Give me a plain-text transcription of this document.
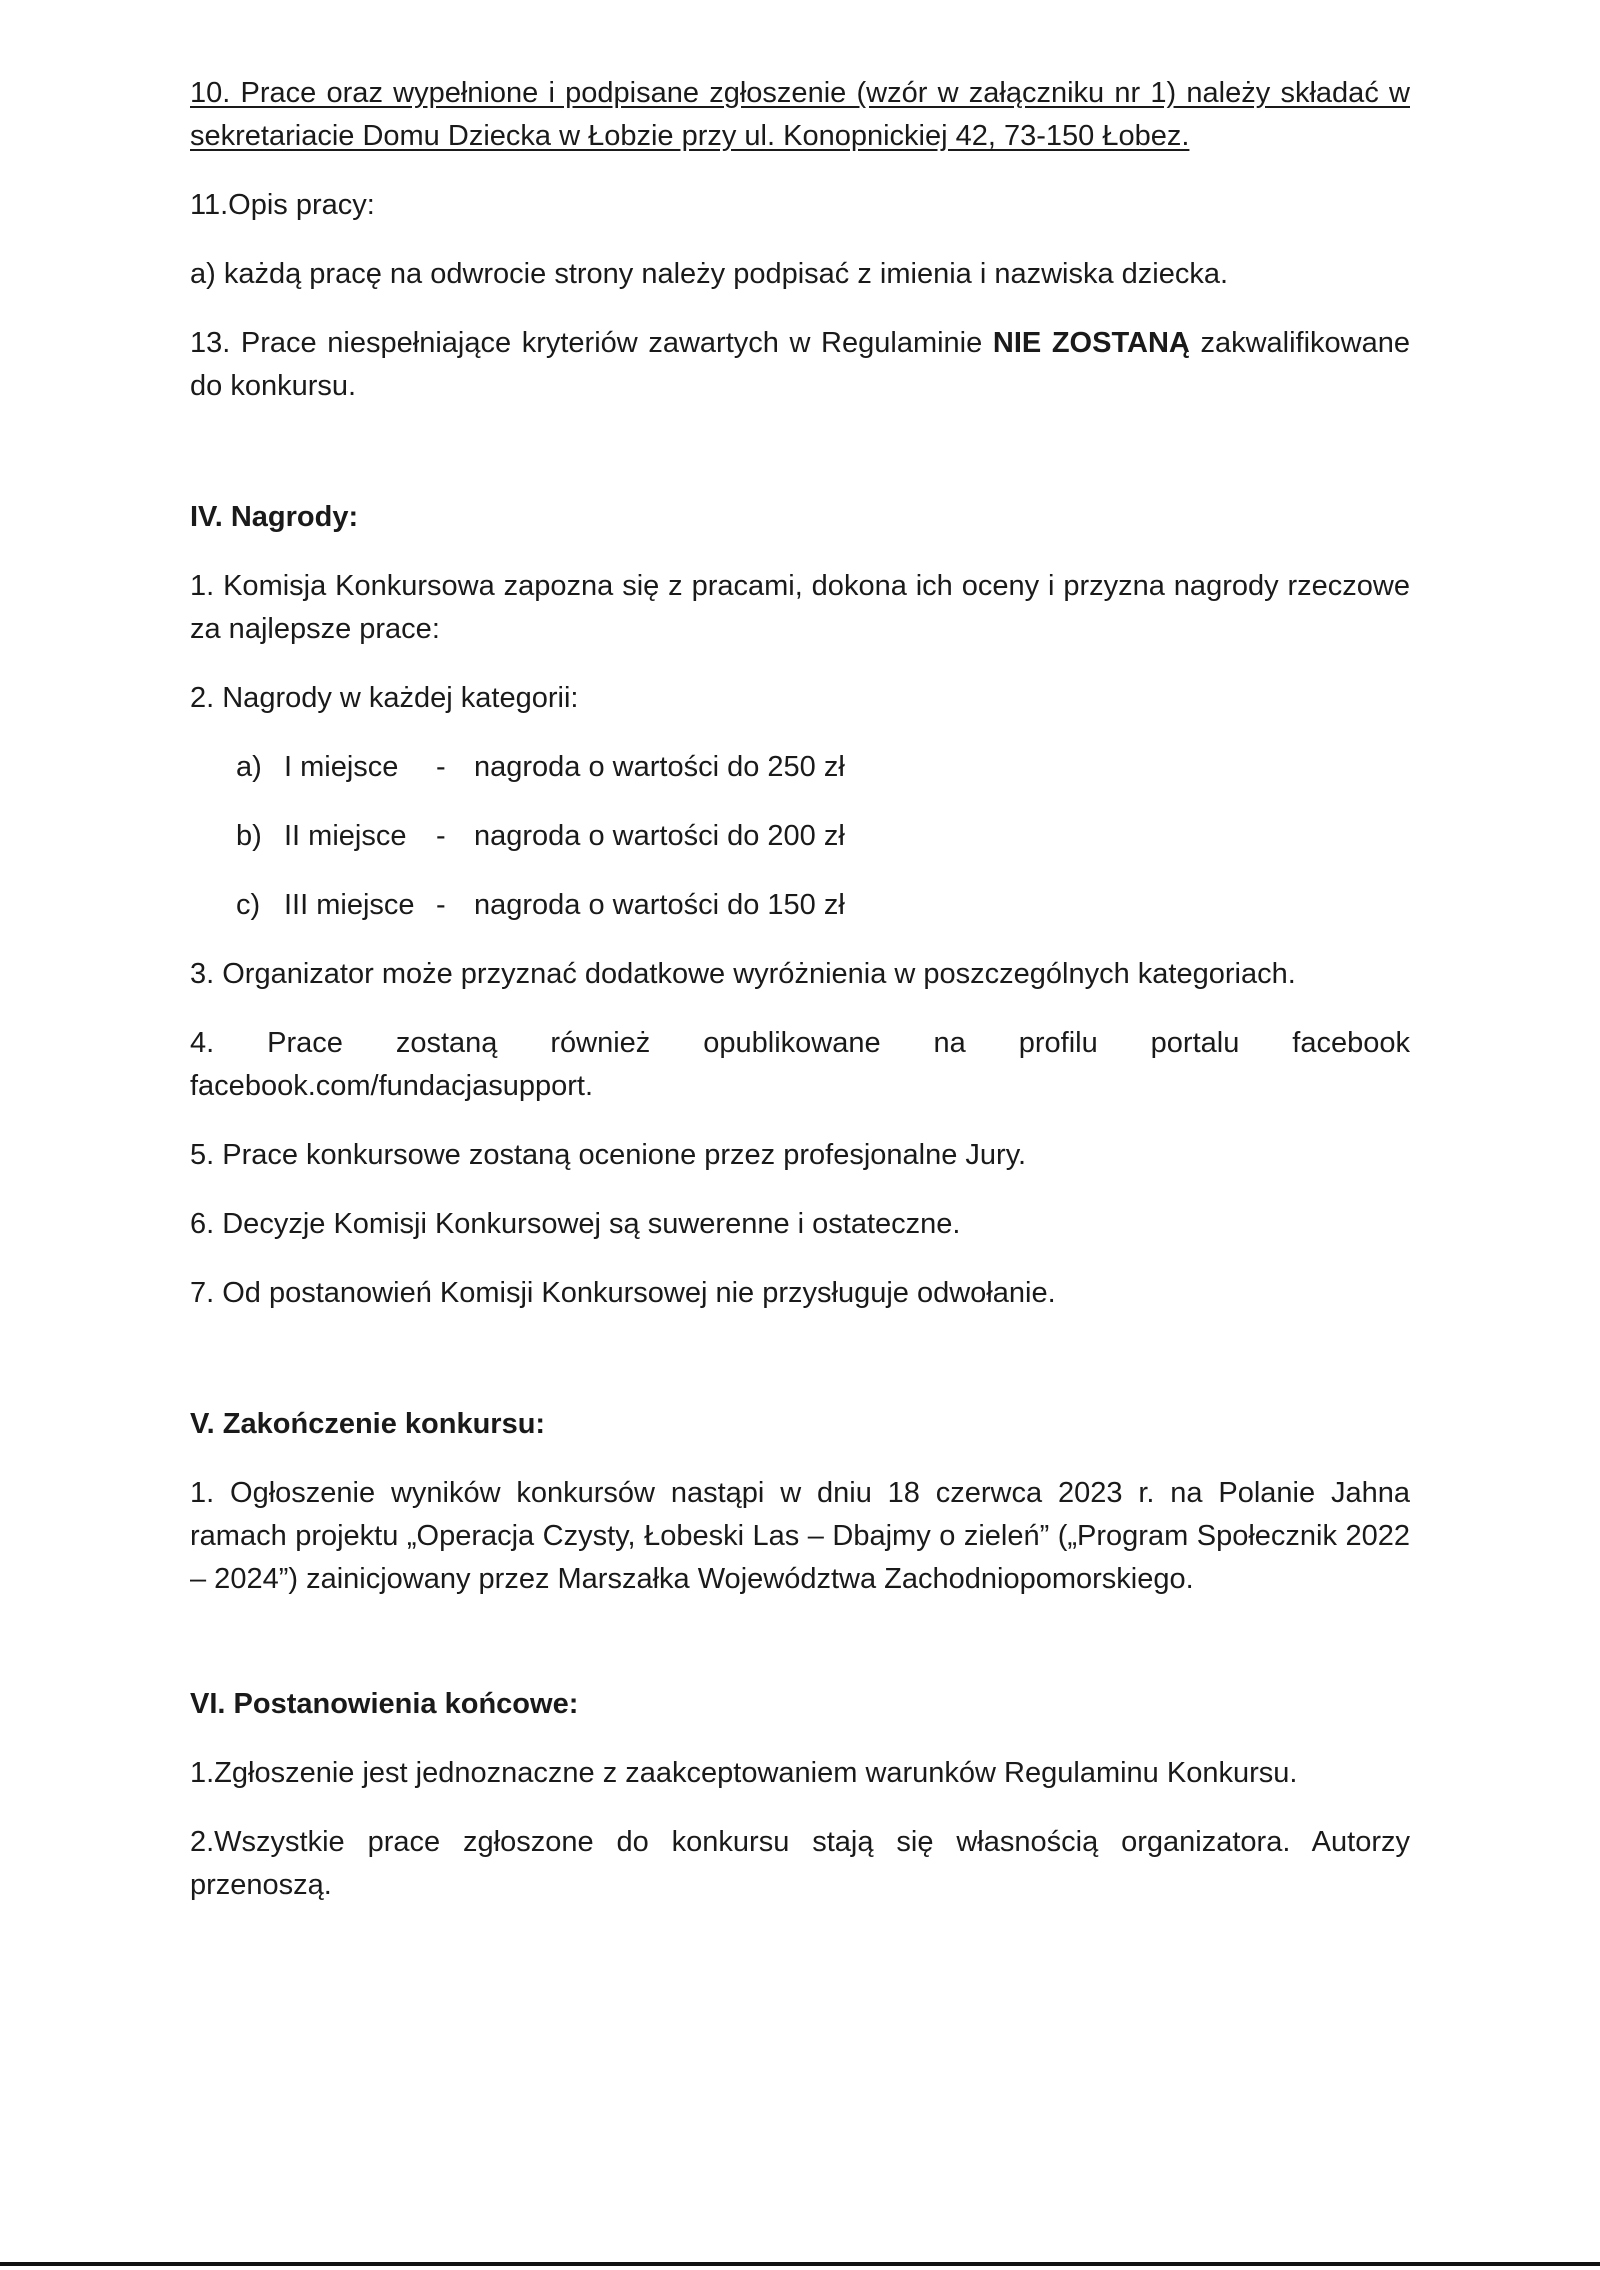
10. Prace oraz wypełnione i podpisane zgłoszenie (wzór w załączniku nr 1) należy składać w sekretariacie Domu Dziecka w Łobzie przy ul. Konopnickiej 42, 73-150 Łobez.

11.Opis pracy:

a) każdą pracę na odwrocie strony należy podpisać z imienia i nazwiska dziecka.

13. Prace niespełniające kryteriów zawartych w Regulaminie NIE ZOSTANĄ zakwalifikowane do konkursu.

IV. Nagrody:

1. Komisja Konkursowa zapozna się z pracami, dokona ich oceny i przyzna nagrody rzeczowe za najlepsze prace:

2. Nagrody w każdej kategorii:

a) I miejsce	- nagroda o wartości do 250 zł
b) II miejsce	- nagroda o wartości do 200 zł
c) III miejsce - nagroda o wartości do 150 zł

3. Organizator może przyznać dodatkowe wyróżnienia w poszczególnych kategoriach.

4. Prace zostaną również opublikowane na profilu portalu facebook facebook.com/fundacjasupport.

5. Prace konkursowe zostaną ocenione przez profesjonalne Jury.

6. Decyzje Komisji Konkursowej są suwerenne i ostateczne.

7. Od postanowień Komisji Konkursowej nie przysługuje odwołanie.

V. Zakończenie konkursu:

1. Ogłoszenie wyników konkursów nastąpi w dniu 18 czerwca 2023 r. na Polanie Jahna ramach projektu „Operacja Czysty, Łobeski Las – Dbajmy o zieleń” („Program Społecznik 2022 – 2024”) zainicjowany przez Marszałka Województwa Zachodniopomorskiego.

VI. Postanowienia końcowe:

1.Zgłoszenie jest jednoznaczne z zaakceptowaniem warunków Regulaminu Konkursu.

2.Wszystkie prace zgłoszone do konkursu stają się własnością organizatora. Autorzy przenoszą.
